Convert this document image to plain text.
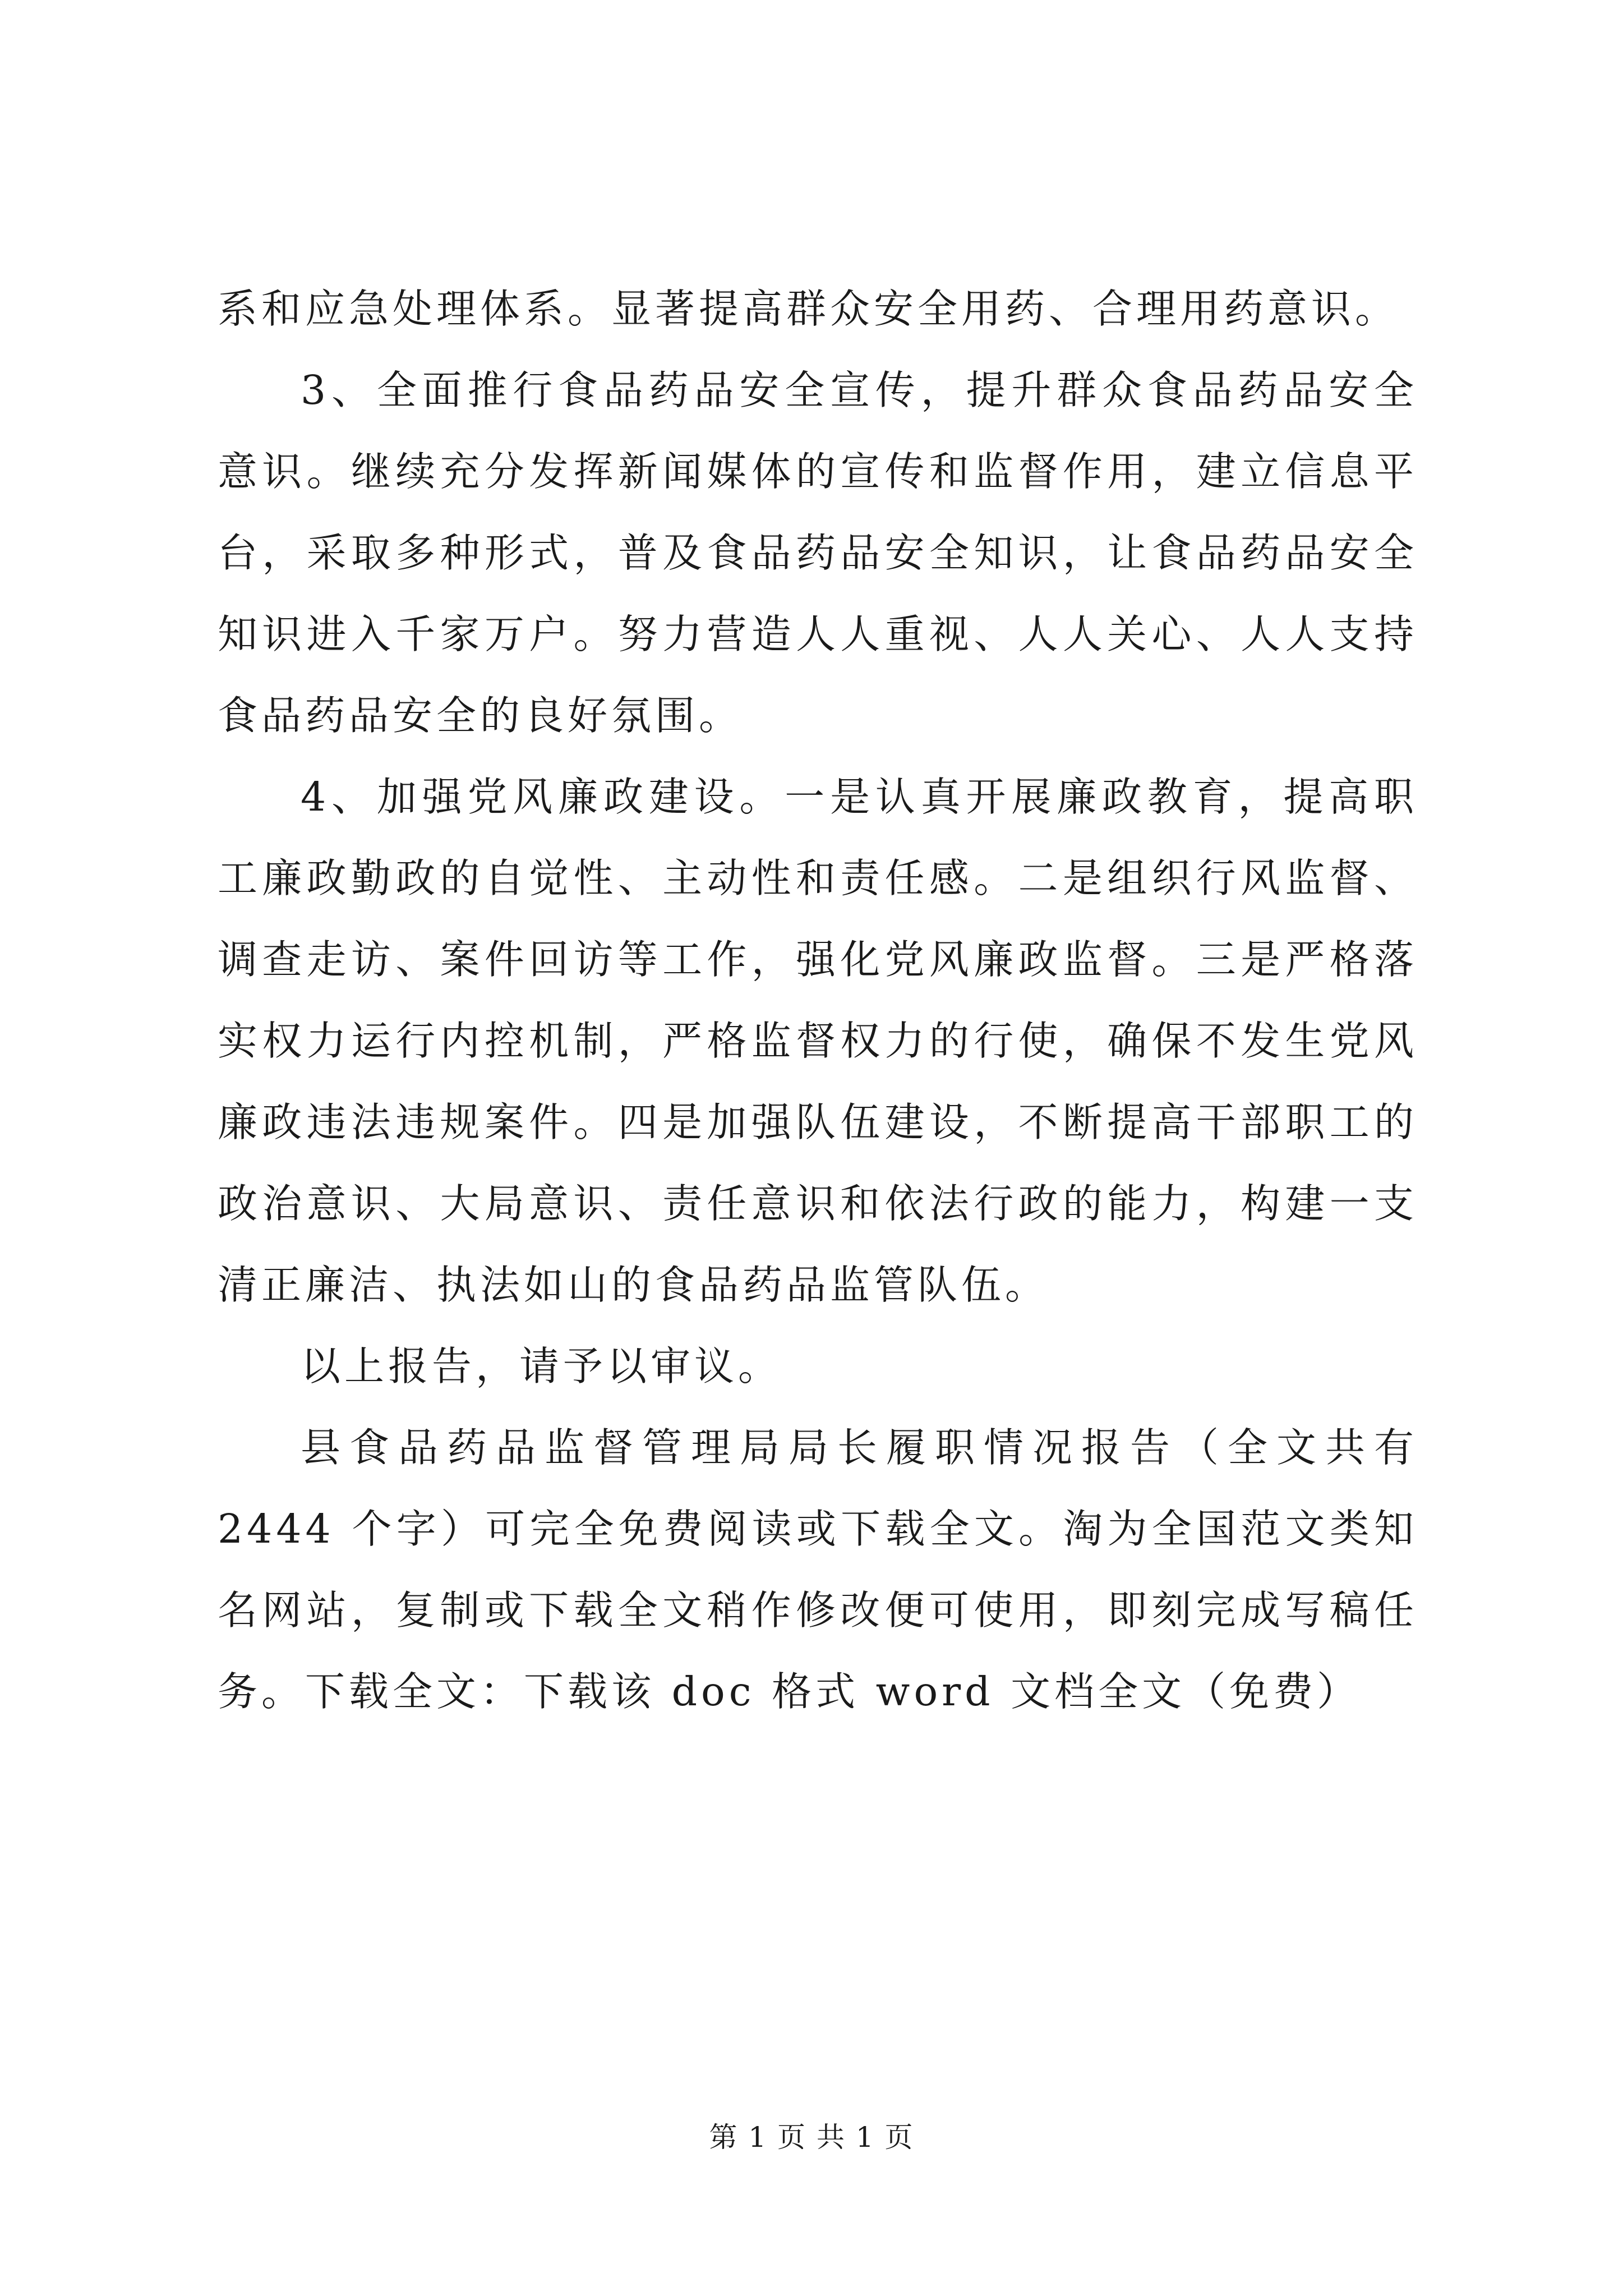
系和应急处理体系。显著提高群众安全用药、合理用药意识。

3、全面推行食品药品安全宣传，提升群众食品药品安全意识。继续充分发挥新闻媒体的宣传和监督作用，建立信息平台，采取多种形式，普及食品药品安全知识，让食品药品安全知识进入千家万户。努力营造人人重视、人人关心、人人支持食品药品安全的良好氛围。

4、加强党风廉政建设。一是认真开展廉政教育，提高职工廉政勤政的自觉性、主动性和责任感。二是组织行风监督、调查走访、案件回访等工作，强化党风廉政监督。三是严格落实权力运行内控机制，严格监督权力的行使，确保不发生党风廉政违法违规案件。四是加强队伍建设，不断提高干部职工的政治意识、大局意识、责任意识和依法行政的能力，构建一支清正廉洁、执法如山的食品药品监管队伍。

以上报告，请予以审议。

县食品药品监督管理局局长履职情况报告（全文共有 2444 个字）可完全免费阅读或下载全文。淘为全国范文类知名网站，复制或下载全文稍作修改便可使用，即刻完成写稿任务。下载全文：下载该 doc 格式 word 文档全文（免费）

第 1 页 共 1 页
